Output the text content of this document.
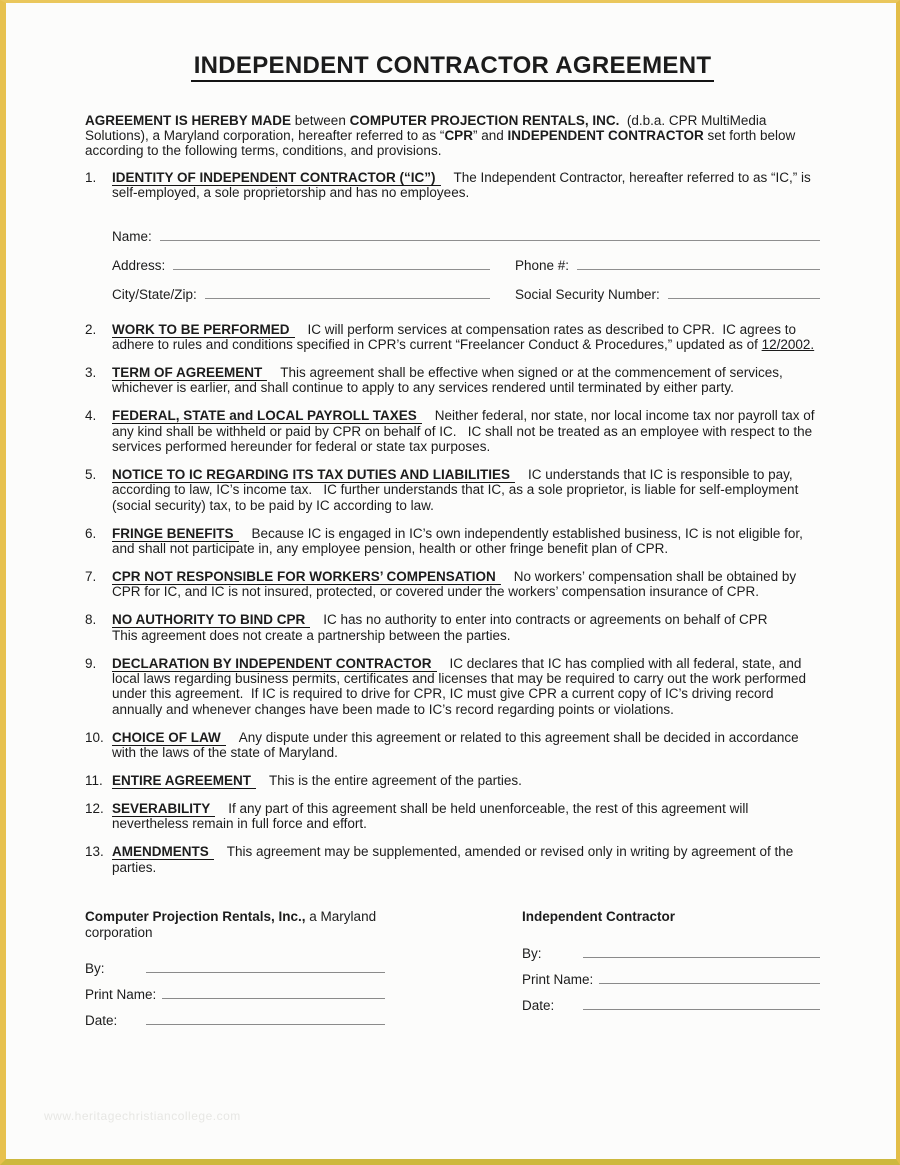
INDEPENDENT CONTRACTOR AGREEMENT

AGREEMENT IS HEREBY MADE between COMPUTER PROJECTION RENTALS, INC.  (d.b.a. CPR MultiMedia Solutions), a Maryland corporation, hereafter referred to as “CPR” and INDEPENDENT CONTRACTOR set forth below according to the following terms, conditions, and provisions.

1.	IDENTITY OF INDEPENDENT CONTRACTOR (“IC”) The Independent Contractor, hereafter referred to as “IC,” is self-employed, a sole proprietorship and has no employees.
Name:
Address:	Phone #:
City/State/Zip:	Social Security Number:
2.	WORK TO BE PERFORMED IC will perform services at compensation rates as described to CPR.  IC agrees to adhere to rules and conditions specified in CPR’s current “Freelancer Conduct & Procedures,” updated as of 12/2002.
3.	TERM OF AGREEMENT This agreement shall be effective when signed or at the commencement of services, whichever is earlier, and shall continue to apply to any services rendered until terminated by either party.
4.	FEDERAL, STATE and LOCAL PAYROLL TAXES Neither federal, nor state, nor local income tax nor payroll tax of any kind shall be withheld or paid by CPR on behalf of IC.   IC shall not be treated as an employee with respect to the services performed hereunder for federal or state tax purposes.
5.	NOTICE TO IC REGARDING ITS TAX DUTIES AND LIABILITIES IC understands that IC is responsible to pay, according to law, IC’s income tax.   IC further understands that IC, as a sole proprietor, is liable for self-employment (social security) tax, to be paid by IC according to law.
6.	FRINGE BENEFITS Because IC is engaged in IC’s own independently established business, IC is not eligible for, and shall not participate in, any employee pension, health or other fringe benefit plan of CPR.
7.	CPR NOT RESPONSIBLE FOR WORKERS’ COMPENSATION No workers’ compensation shall be obtained by CPR for IC, and IC is not insured, protected, or covered under the workers’ compensation insurance of CPR.
8.	NO AUTHORITY TO BIND CPR IC has no authority to enter into contracts or agreements on behalf of CPR
This agreement does not create a partnership between the parties.
9.	DECLARATION BY INDEPENDENT CONTRACTOR IC declares that IC has complied with all federal, state, and local laws regarding business permits, certificates and licenses that may be required to carry out the work performed under this agreement.  If IC is required to drive for CPR, IC must give CPR a current copy of IC’s driving record annually and whenever changes have been made to IC’s record regarding points or violations.
10. CHOICE OF LAW Any dispute under this agreement or related to this agreement shall be decided in accordance with the laws of the state of Maryland.
11. ENTIRE AGREEMENT This is the entire agreement of the parties.
12. SEVERABILITY If any part of this agreement shall be held unenforceable, the rest of this agreement will nevertheless remain in full force and effort.
13. AMENDMENTS This agreement may be supplemented, amended or revised only in writing by agreement of the parties.
Computer Projection Rentals, Inc., a Maryland corporation
By:
Print Name:
Date:
Independent Contractor
By:
Print Name:
Date:
www.heritagechristiancollege.com
